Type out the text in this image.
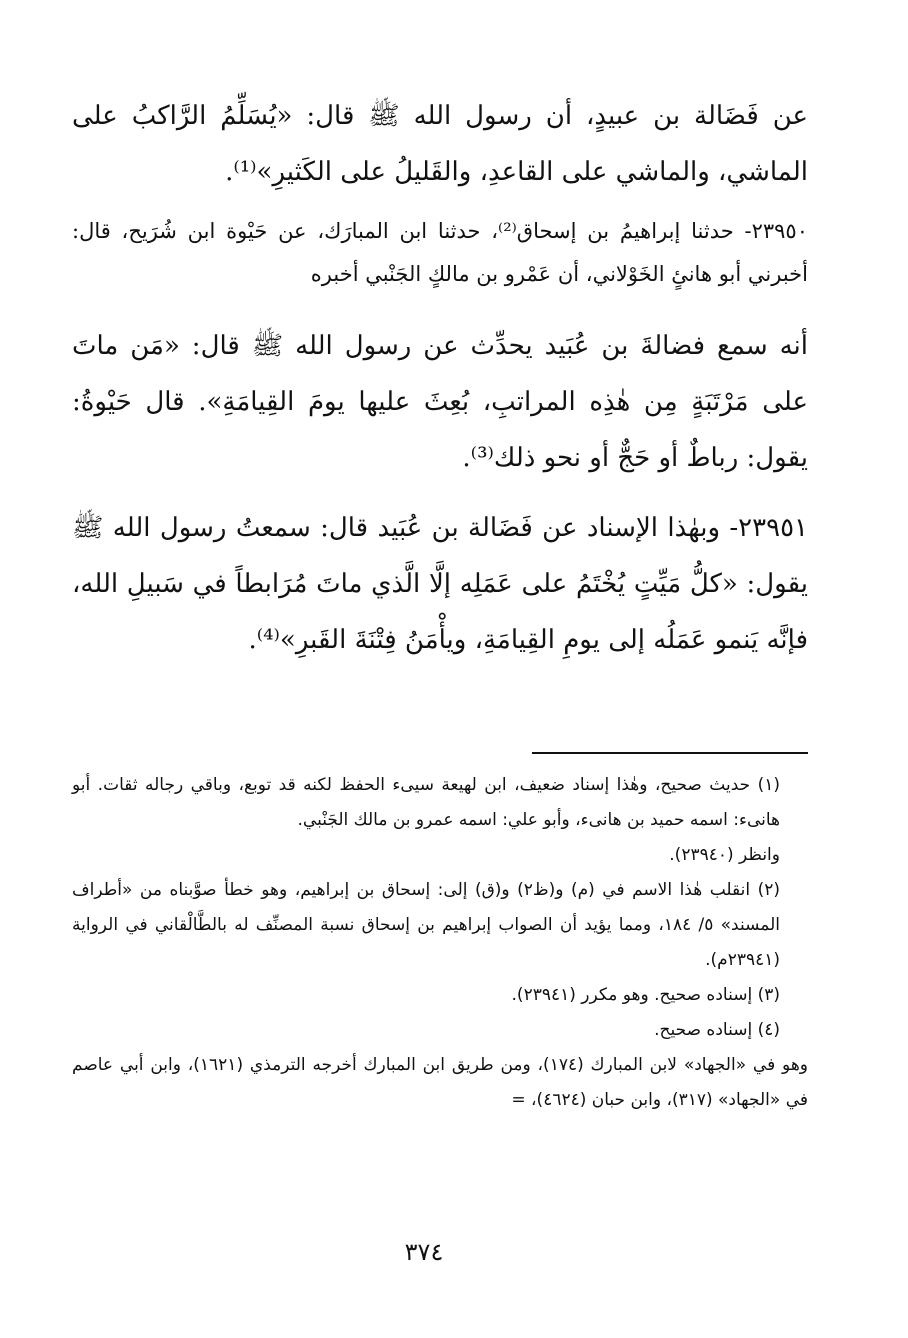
عن فَضَالة بن عبيدٍ، أن رسول الله ﷺ قال: «يُسَلِّمُ الرَّاكبُ على الماشي، والماشي على القاعدِ، والقَليلُ على الكَثيرِ»⁽¹⁾.

٢٣٩٥٠- حدثنا إبراهيمُ بن إسحاق⁽²⁾، حدثنا ابن المبارَك، عن حَيْوة ابن شُرَيح، قال: أخبرني أبو هانئٍ الخَوْلاني، أن عَمْرو بن مالكٍ الجَنْبي أخبره

أنه سمع فضالةَ بن عُبَيد يحدِّث عن رسول الله ﷺ قال: «مَن ماتَ على مَرْتَبَةٍ مِن هٰذِه المراتبِ، بُعِثَ عليها يومَ القِيامَةِ». قال حَيْوةُ: يقول: رباطٌ أو حَجٌّ أو نحو ذلك⁽³⁾.

٢٣٩٥١- وبهٰذا الإسناد عن فَضَالة بن عُبَيد قال: سمعتُ رسول الله ﷺ يقول: «كلُّ مَيِّتٍ يُخْتَمُ على عَمَلِه إلَّا الَّذي ماتَ مُرَابطاً في سَبيلِ الله، فإنَّه يَنمو عَمَلُه إلى يومِ القِيامَةِ، ويأْمَنُ فِتْنَةَ القَبرِ»⁽⁴⁾.

(١) حديث صحيح، وهٰذا إسناد ضعيف، ابن لهيعة سيىء الحفظ لكنه قد توبع، وباقي رجاله ثقات. أبو هانىء: اسمه حميد بن هانىء، وأبو علي: اسمه عمرو بن مالك الجَنْبي.

وانظر (٢٣٩٤٠).

(٢) انقلب هٰذا الاسم في (م) و(ظ٢) و(ق) إلى: إسحاق بن إبراهيم، وهو خطأ صوَّبناه من «أطراف المسند» ٥/ ١٨٤، ومما يؤيد أن الصواب إبراهيم بن إسحاق نسبة المصنِّف له بالطَّالْقاني في الرواية (٢٣٩٤١م).

(٣) إسناده صحيح. وهو مكرر (٢٣٩٤١).

(٤) إسناده صحيح.

وهو في «الجهاد» لابن المبارك (١٧٤)، ومن طريق ابن المبارك أخرجه الترمذي (١٦٢١)، وابن أبي عاصم في «الجهاد» (٣١٧)، وابن حبان (٤٦٢٤)، =

٣٧٤
